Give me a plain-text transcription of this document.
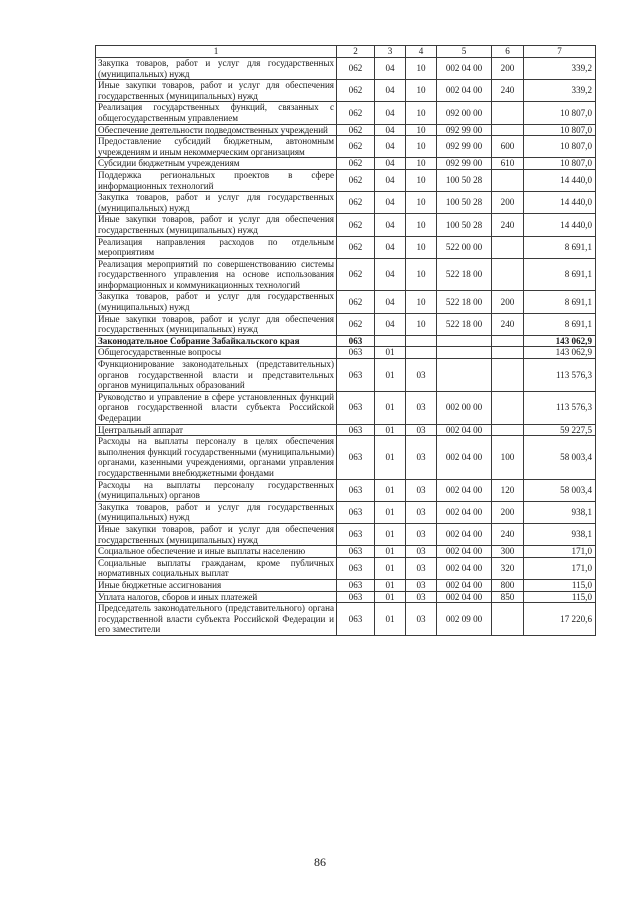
1	2	3	4	5	6	7
Закупка товаров, работ и услуг для государственных (муниципальных) нужд	062	04	10	002 04 00	200	339,2
Иные закупки товаров, работ и услуг для обеспечения государственных (муниципальных) нужд	062	04	10	002 04 00	240	339,2
Реализация государственных функций, связанных с общегосударственным управлением	062	04	10	092 00 00		10 807,0
Обеспечение деятельности подведомственных учреждений	062	04	10	092 99 00		10 807,0
Предоставление субсидий бюджетным, автономным учреждениям и иным некоммерческим организациям	062	04	10	092 99 00	600	10 807,0
Субсидии бюджетным учреждениям	062	04	10	092 99 00	610	10 807,0
Поддержка региональных проектов в сфере информационных технологий	062	04	10	100 50 28		14 440,0
Закупка товаров, работ и услуг для государственных (муниципальных) нужд	062	04	10	100 50 28	200	14 440,0
Иные закупки товаров, работ и услуг для обеспечения государственных (муниципальных) нужд	062	04	10	100 50 28	240	14 440,0
Реализация направления расходов по отдельным мероприятиям	062	04	10	522 00 00		8 691,1
Реализация мероприятий по совершенствованию системы государственного управления на основе использования информационных и коммуникационных технологий	062	04	10	522 18 00		8 691,1
Закупка товаров, работ и услуг для государственных (муниципальных) нужд	062	04	10	522 18 00	200	8 691,1
Иные закупки товаров, работ и услуг для обеспечения государственных (муниципальных) нужд	062	04	10	522 18 00	240	8 691,1
Законодательное Собрание Забайкальского края	063					143 062,9
Общегосударственные вопросы	063	01				143 062,9
Функционирование законодательных (представительных) органов государственной власти и представительных органов муниципальных образований	063	01	03			113 576,3
Руководство и управление в сфере установленных функций органов государственной власти субъекта Российской Федерации	063	01	03	002 00 00		113 576,3
Центральный аппарат	063	01	03	002 04 00		59 227,5
Расходы на выплаты персоналу в целях обеспечения выполнения функций государственными (муниципальными) органами, казенными учреждениями, органами управления государственными внебюджетными фондами	063	01	03	002 04 00	100	58 003,4
Расходы на выплаты персоналу государственных (муниципальных) органов	063	01	03	002 04 00	120	58 003,4
Закупка товаров, работ и услуг для государственных (муниципальных) нужд	063	01	03	002 04 00	200	938,1
Иные закупки товаров, работ и услуг для обеспечения государственных (муниципальных) нужд	063	01	03	002 04 00	240	938,1
Социальное обеспечение и иные выплаты населению	063	01	03	002 04 00	300	171,0
Социальные выплаты гражданам, кроме публичных нормативных социальных выплат	063	01	03	002 04 00	320	171,0
Иные бюджетные ассигнования	063	01	03	002 04 00	800	115,0
Уплата налогов, сборов и иных платежей	063	01	03	002 04 00	850	115,0
Председатель законодательного (представительного) органа государственной власти субъекта Российской Федерации и его заместители	063	01	03	002 09 00		17 220,6
86
